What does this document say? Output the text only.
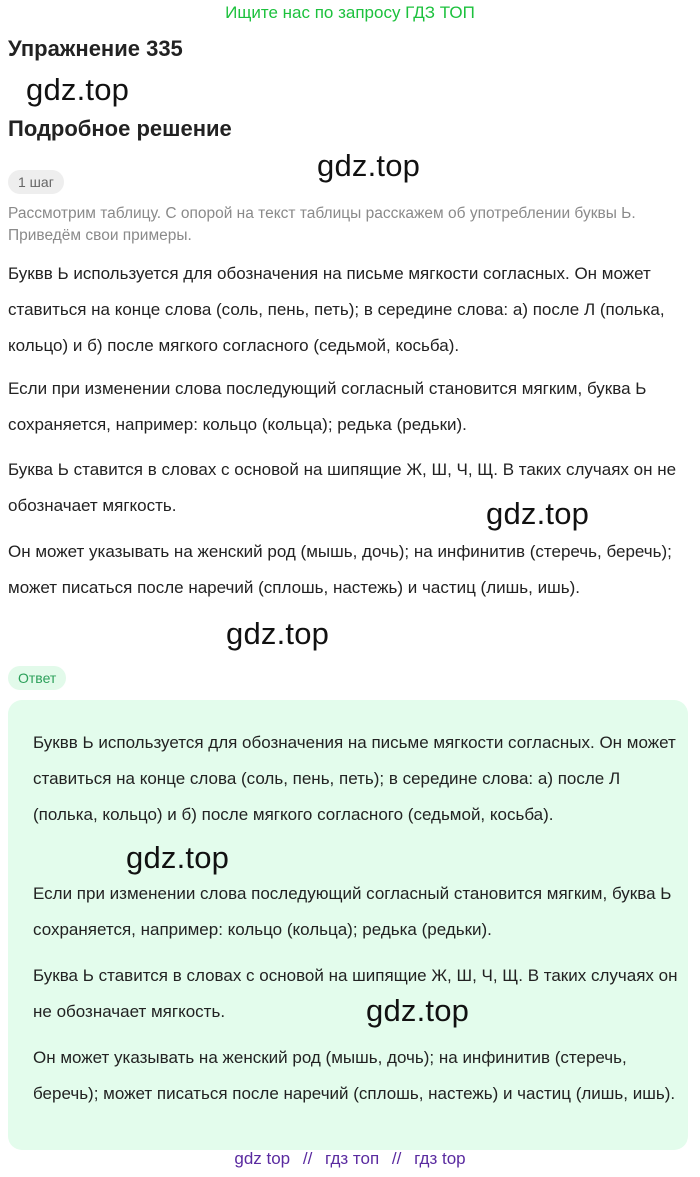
Ищите нас по запросу ГДЗ ТОП
Упражнение 335
gdz.top
Подробное решение
gdz.top
1 шаг
Рассмотрим таблицу. С опорой на текст таблицы расскажем об употреблении буквы Ь. Приведём свои примеры.
Буквв Ь используется для обозначения на письме мягкости согласных. Он может ставиться на конце слова (соль, пень, петь); в середине слова: а) после Л (полька, кольцо) и б) после мягкого согласного (седьмой, косьба).
Если при изменении слова последующий согласный становится мягким, буква Ь сохраняется, например: кольцо (кольца); редька (редьки).
Буква Ь ставится в словах с основой на шипящие Ж, Ш, Ч, Щ. В таких случаях он не обозначает мягкость.	gdz.top
Он может указывать на женский род (мышь, дочь); на инфинитив (стеречь, беречь); может писаться после наречий (сплошь, настежь) и частиц (лишь, ишь).
gdz.top
Ответ
Буквв Ь используется для обозначения на письме мягкости согласных. Он может ставиться на конце слова (соль, пень, петь); в середине слова: а) после Л (полька, кольцо) и б) после мягкого согласного (седьмой, косьба).
gdz.top
Если при изменении слова последующий согласный становится мягким, буква Ь сохраняется, например: кольцо (кольца); редька (редьки).
Буква Ь ставится в словах с основой на шипящие Ж, Ш, Ч, Щ. В таких случаях он не обозначает мягкость.	gdz.top
Он может указывать на женский род (мышь, дочь); на инфинитив (стеречь, беречь); может писаться после наречий (сплошь, настежь) и частиц (лишь, ишь).
gdz top // гдз топ // гдз top
